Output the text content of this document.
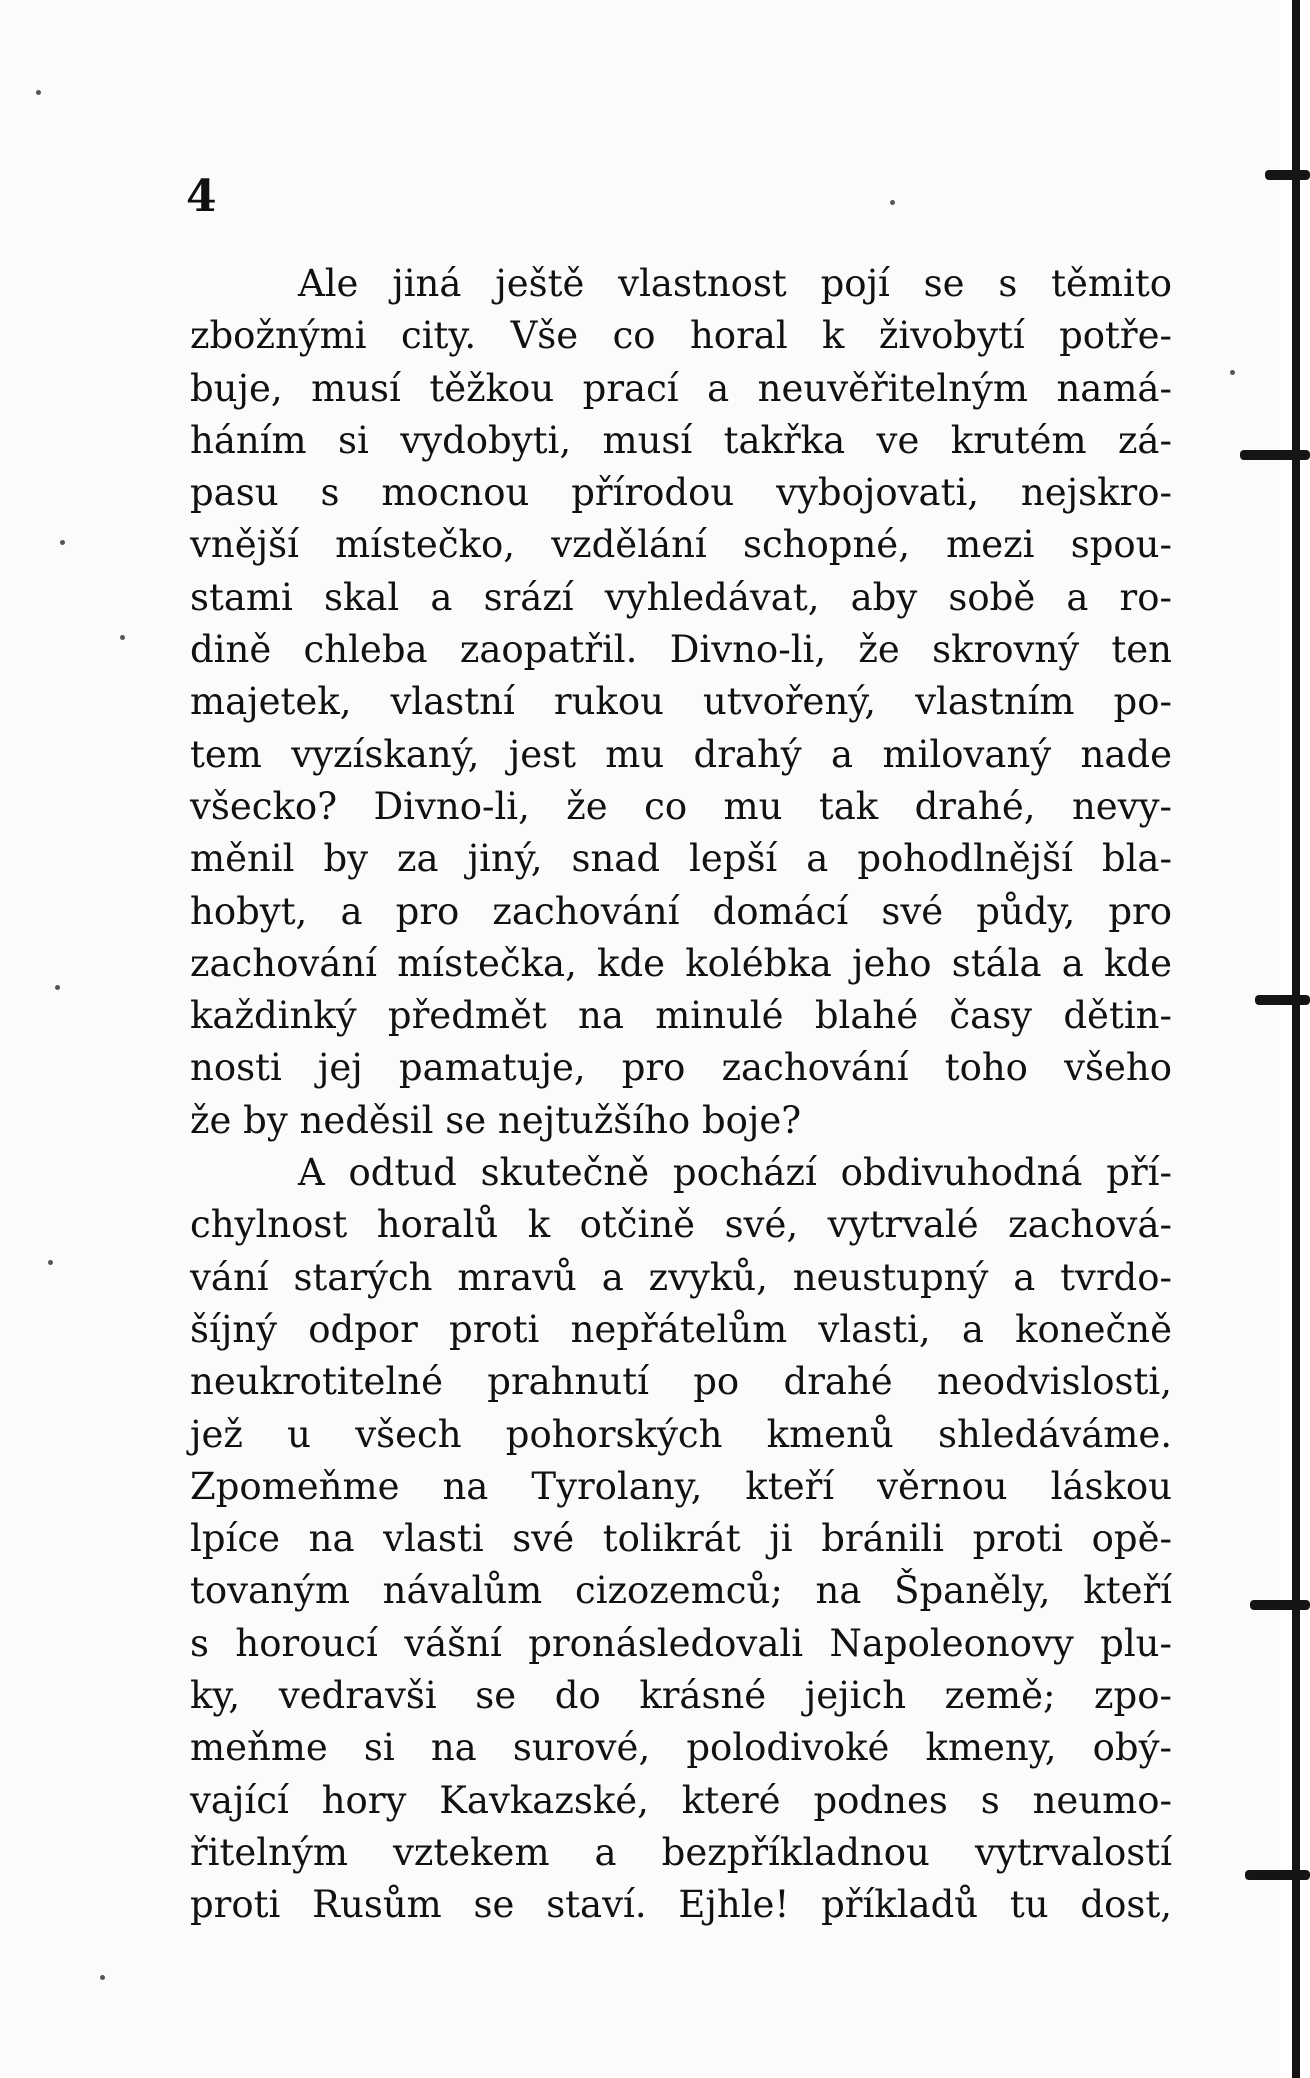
4
Ale jiná ještě vlastnost pojí se s těmito
zbožnými city. Vše co horal k živobytí potře-
buje, musí těžkou prací a neuvěřitelným namá-
háním si vydobyti, musí takřka ve krutém zá-
pasu s mocnou přírodou vybojovati, nejskro-
vnější místečko, vzdělání schopné, mezi spou-
stami skal a srází vyhledávat, aby sobě a ro-
dině chleba zaopatřil. Divno-li, že skrovný ten
majetek, vlastní rukou utvořený, vlastním po-
tem vyzískaný, jest mu drahý a milovaný nade
všecko? Divno-li, že co mu tak drahé, nevy-
měnil by za jiný, snad lepší a pohodlnější bla-
hobyt, a pro zachování domácí své půdy, pro
zachování místečka, kde kolébka jeho stála a kde
každinký předmět na minulé blahé časy dětin-
nosti jej pamatuje, pro zachování toho všeho
že by neděsil se nejtužšího boje?
A odtud skutečně pochází obdivuhodná pří-
chylnost horalů k otčině své, vytrvalé zachová-
vání starých mravů a zvyků, neustupný a tvrdo-
šíjný odpor proti nepřátelům vlasti, a konečně
neukrotitelné prahnutí po drahé neodvislosti,
jež u všech pohorských kmenů shledáváme.
Zpomeňme na Tyrolany, kteří věrnou láskou
lpíce na vlasti své tolikrát ji bránili proti opě-
tovaným návalům cizozemců; na Španěly, kteří
s horoucí vášní pronásledovali Napoleonovy plu-
ky, vedravši se do krásné jejich země; zpo-
meňme si na surové, polodivoké kmeny, obý-
vající hory Kavkazské, které podnes s neumo-
řitelným vztekem a bezpříkladnou vytrvalostí
proti Rusům se staví. Ejhle! příkladů tu dost,
